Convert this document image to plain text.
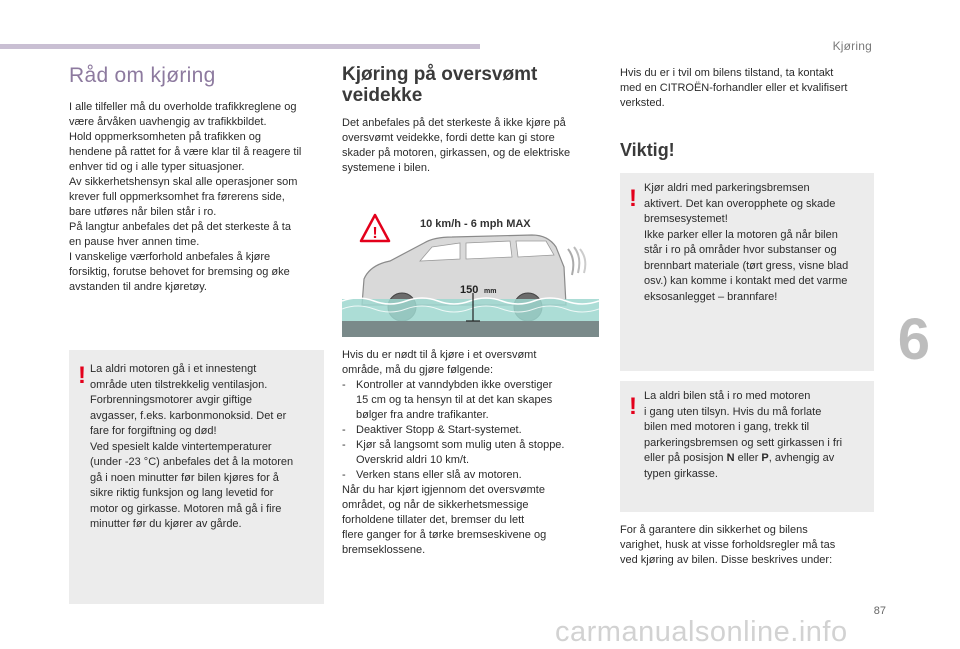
Kjøring
6
87
carmanualsonline.info
Råd om kjøring

I alle tilfeller må du overholde trafikkreglene og
være årvåken uavhengig av trafikkbildet.
Hold oppmerksomheten på trafikken og
hendene på rattet for å være klar til å reagere til
enhver tid og i alle typer situasjoner.
Av sikkerhetshensyn skal alle operasjoner som
krever full oppmerksomhet fra førerens side,
bare utføres når bilen står i ro.
På langtur anbefales det på det sterkeste å ta
en pause hver annen time.
I vanskelige værforhold anbefales å kjøre
forsiktig, forutse behovet for bremsing og øke
avstanden til andre kjøretøy.

! La aldri motoren gå i et innestengt
område uten tilstrekkelig ventilasjon.
Forbrenningsmotorer avgir giftige
avgasser, f.eks. karbonmonoksid. Det er
fare for forgiftning og død!
Ved spesielt kalde vintertemperaturer
(under -23 °C) anbefales det å la motoren
gå i noen minutter før bilen kjøres for å
sikre riktig funksjon og lang levetid for
motor og girkasse. Motoren må gå i fire
minutter før du kjører av gårde.

Kjøring på oversvømt veidekke

Det anbefales på det sterkeste å ikke kjøre på
oversvømt veidekke, fordi dette kan gi store
skader på motoren, girkassen, og de elektriske
systemene i bilen.

!
10 km/h - 6 mph MAX
150 mm

Hvis du er nødt til å kjøre i et oversvømt
område, må du gjøre følgende:

- Kontroller at vanndybden ikke overstiger
15 cm og ta hensyn til at det kan skapes
bølger fra andre trafikanter.

- Deaktiver Stopp & Start-systemet.

- Kjør så langsomt som mulig uten å stoppe.
Overskrid aldri 10 km/t.

- Verken stans eller slå av motoren.

Når du har kjørt igjennom det oversvømte
området, og når de sikkerhetsmessige
forholdene tillater det, bremser du lett
flere ganger for å tørke bremseskivene og
bremseklossene.

Hvis du er i tvil om bilens tilstand, ta kontakt
med en CITROËN-forhandler eller et kvalifisert
verksted.

Viktig!
! Kjør aldri med parkeringsbremsen
aktivert. Det kan overopphete og skade
bremsesystemet!
Ikke parker eller la motoren gå når bilen
står i ro på områder hvor substanser og
brennbart materiale (tørt gress, visne blad
osv.) kan komme i kontakt med det varme
eksosanlegget – brannfare!

! La aldri bilen stå i ro med motoren
i gang uten tilsyn. Hvis du må forlate
bilen med motoren i gang, trekk til
parkeringsbremsen og sett girkassen i fri
eller på posisjon N eller P, avhengig av
typen girkasse.

For å garantere din sikkerhet og bilens
varighet, husk at visse forholdsregler må tas
ved kjøring av bilen. Disse beskrives under:
